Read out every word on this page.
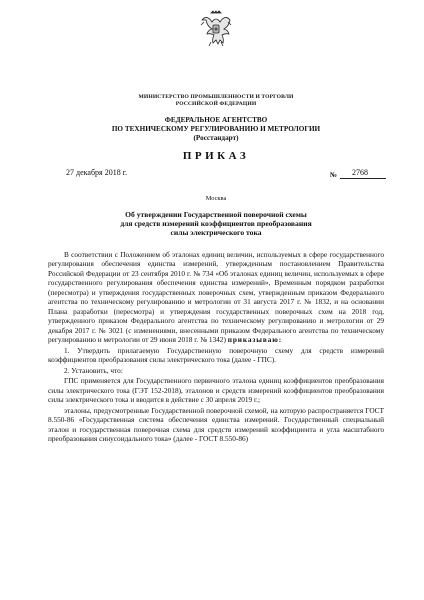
МИНИСТЕРСТВО ПРОМЫШЛЕННОСТИ И ТОРГОВЛИ
РОССИЙСКОЙ ФЕДЕРАЦИИ
ФЕДЕРАЛЬНОЕ АГЕНТСТВО
ПО ТЕХНИЧЕСКОМУ РЕГУЛИРОВАНИЮ И МЕТРОЛОГИИ
(Росстандарт)
ПРИКАЗ
27 декабря 2018 г.	№ 2768
Москва
Об утверждении Государственной поверочной схемы
для средств измерений коэффициентов преобразования
силы электрического тока

В соответствии с Положением об эталонах единиц величин, используемых в сфере государственного регулирования обеспечения единства измерений, утвержденным постановлением Правительства Российской Федерации от 23 сентября 2010 г. № 734 «Об эталонах единиц величин, используемых в сфере государственного регулирования обеспечения единства измерений», Временным порядком разработки (пересмотра) и утверждения государственных поверочных схем, утвержденным приказом Федерального агентства по техническому регулированию и метрологии от 31 августа 2017 г. № 1832, и на основании Плана разработки (пересмотра) и утверждения государственных поверочных схем на 2018 год, утвержденного приказом Федерального агентства по техническому регулированию и метрологии от 29 декабря 2017 г. № 3021 (с изменениями, внесенными приказом Федерального агентства по техническому регулированию и метрологии от 29 июня 2018 г. № 1342) приказываю:

1. Утвердить прилагаемую Государственную поверочную схему для средств измерений коэффициентов преобразования силы электрического тока (далее - ГПС).

2. Установить, что:

ГПС применяется для Государственного первичного эталона единиц коэффициентов преобразования силы электрического тока (ГЭТ 152-2018), эталонов и средств измерений коэффициентов преобразования силы электрического тока и вводится в действие с 30 апреля 2019 г.;

эталоны, предусмотренные Государственной поверочной схемой, на которую распространяется ГОСТ 8.550-86 «Государственная система обеспечения единства измерений. Государственный специальный эталон и государственная поверочная схема для средств измерений коэффициента и угла масштабного преобразования синусоидального тока» (далее - ГОСТ 8.550-86)
